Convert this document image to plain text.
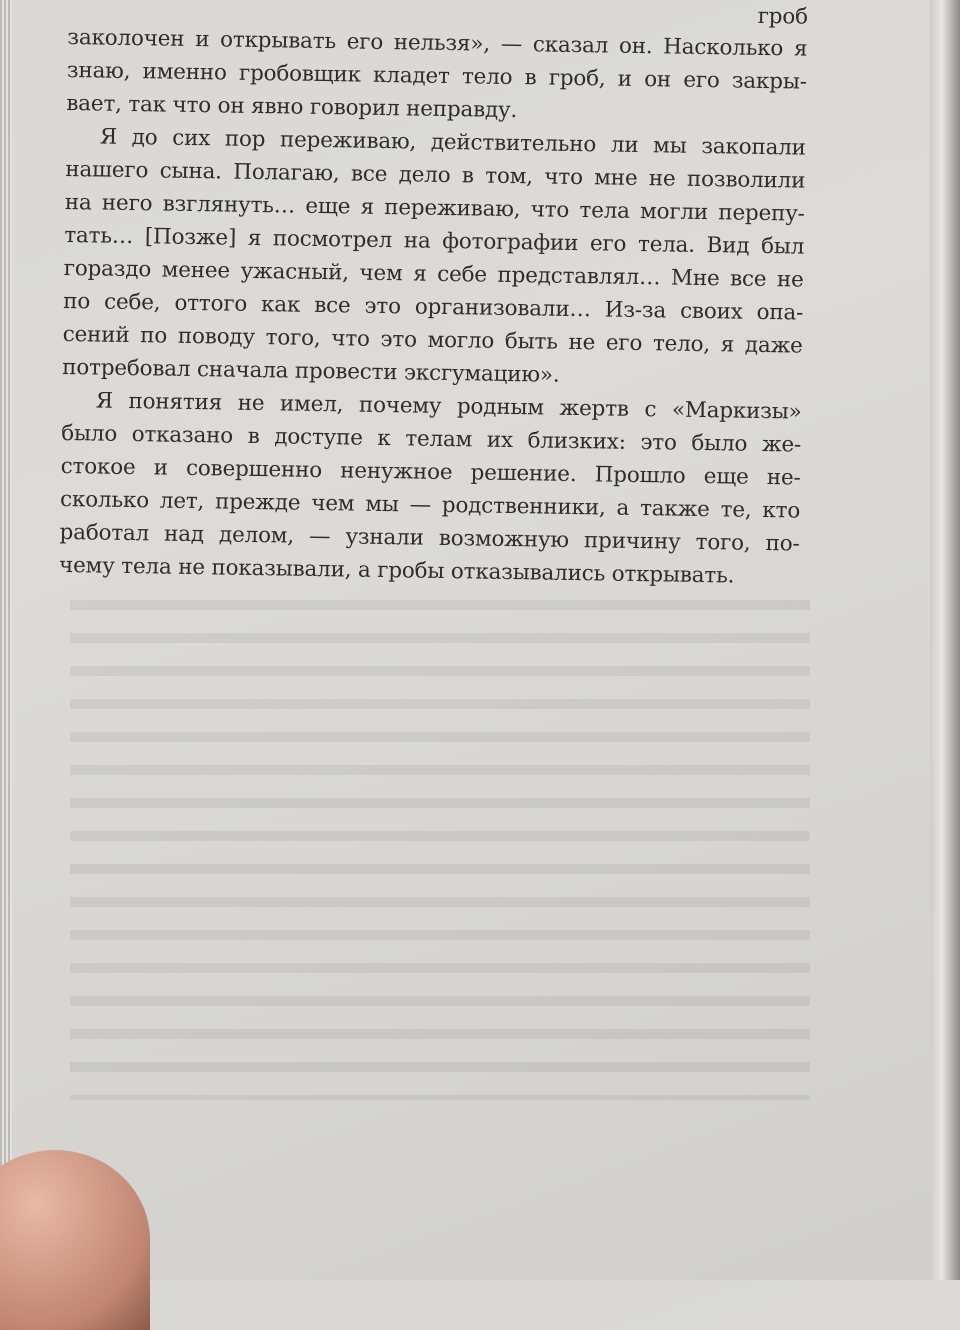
гроб
заколочен и открывать его нельзя», — сказал он. Насколько я
знаю, именно гробовщик кладет тело в гроб, и он его закры-
вает, так что он явно говорил неправду.
Я до сих пор переживаю, действительно ли мы закопали
нашего сына. Полагаю, все дело в том, что мне не позволили
на него взглянуть… еще я переживаю, что тела могли перепу-
тать… [Позже] я посмотрел на фотографии его тела. Вид был
гораздо менее ужасный, чем я себе представлял… Мне все не
по себе, оттого как все это организовали… Из-за своих опа-
сений по поводу того, что это могло быть не его тело, я даже
потребовал сначала провести эксгумацию».
Я понятия не имел, почему родным жертв с «Маркизы»
было отказано в доступе к телам их близких: это было же-
стокое и совершенно ненужное решение. Прошло еще не-
сколько лет, прежде чем мы — родственники, а также те, кто
работал над делом, — узнали возможную причину того, по-
чему тела не показывали, а гробы отказывались открывать.
